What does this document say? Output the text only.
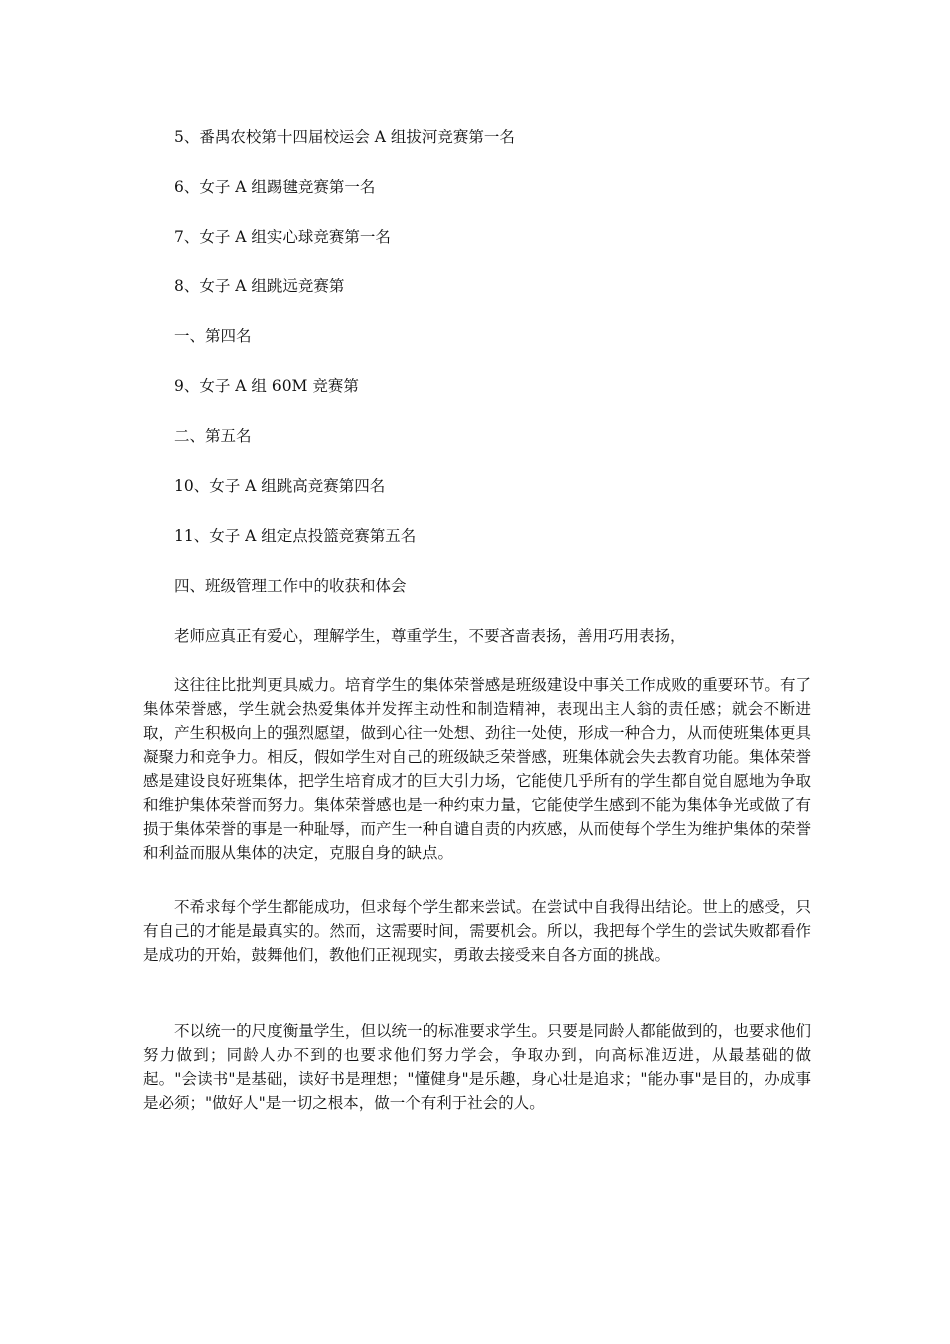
5、番禺农校第十四届校运会 A 组拔河竞赛第一名
6、女子 A 组踢毽竞赛第一名
7、女子 A 组实心球竞赛第一名
8、女子 A 组跳远竞赛第
一、第四名
9、女子 A 组 60M 竞赛第
二、第五名
10、女子 A 组跳高竞赛第四名
11、女子 A 组定点投篮竞赛第五名
四、班级管理工作中的收获和体会
老师应真正有爱心，理解学生，尊重学生，不要吝啬表扬，善用巧用表扬，

这往往比批判更具威力。培育学生的集体荣誉感是班级建设中事关工作成败的重要环节。有了集体荣誉感，学生就会热爱集体并发挥主动性和制造精神，表现出主人翁的责任感；就会不断进取，产生积极向上的强烈愿望，做到心往一处想、劲往一处使，形成一种合力，从而使班集体更具凝聚力和竞争力。相反，假如学生对自己的班级缺乏荣誉感，班集体就会失去教育功能。集体荣誉感是建设良好班集体，把学生培育成才的巨大引力场，它能使几乎所有的学生都自觉自愿地为争取和维护集体荣誉而努力。集体荣誉感也是一种约束力量，它能使学生感到不能为集体争光或做了有损于集体荣誉的事是一种耻辱，而产生一种自谴自责的内疚感，从而使每个学生为维护集体的荣誉和利益而服从集体的决定，克服自身的缺点。

不希求每个学生都能成功，但求每个学生都来尝试。在尝试中自我得出结论。世上的感受，只有自己的才能是最真实的。然而，这需要时间，需要机会。所以，我把每个学生的尝试失败都看作是成功的开始，鼓舞他们，教他们正视现实，勇敢去接受来自各方面的挑战。

不以统一的尺度衡量学生，但以统一的标准要求学生。只要是同龄人都能做到的，也要求他们努力做到；同龄人办不到的也要求他们努力学会，争取办到，向高标准迈进，从最基础的做起。"会读书"是基础，读好书是理想；"懂健身"是乐趣，身心壮是追求；"能办事"是目的，办成事是必须；"做好人"是一切之根本，做一个有利于社会的人。
